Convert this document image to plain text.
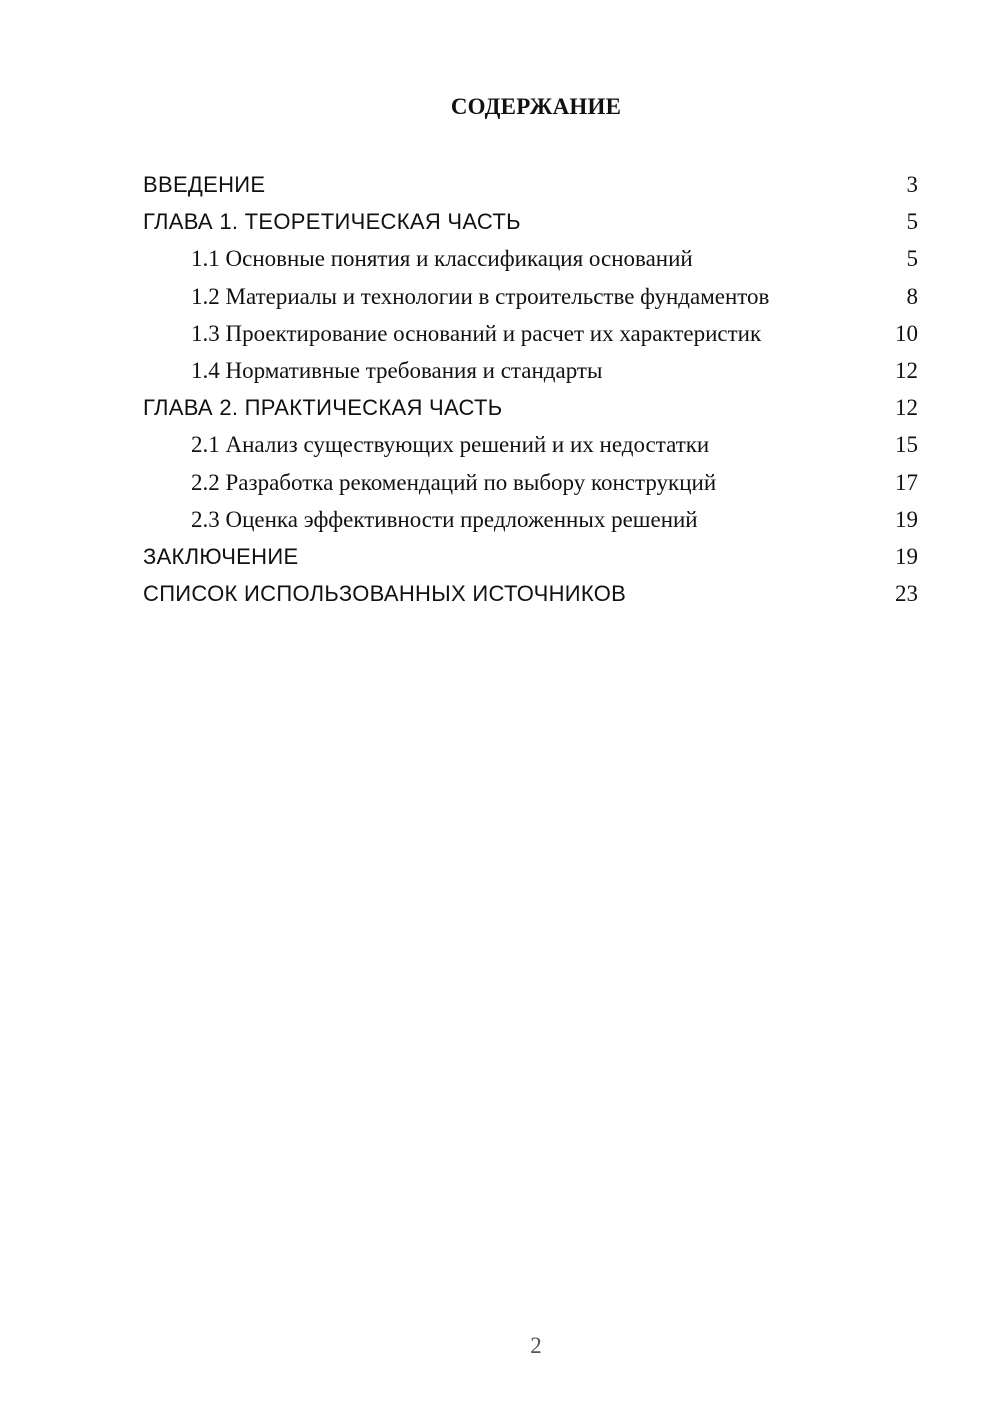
СОДЕРЖАНИЕ
ВВЕДЕНИЕ	3
ГЛАВА 1. ТЕОРЕТИЧЕСКАЯ ЧАСТЬ	5
1.1 Основные понятия и классификация оснований	5
1.2 Материалы и технологии в строительстве фундаментов	8
1.3 Проектирование оснований и расчет их характеристик	10
1.4 Нормативные требования и стандарты	12
ГЛАВА 2. ПРАКТИЧЕСКАЯ ЧАСТЬ	12
2.1 Анализ существующих решений и их недостатки	15
2.2 Разработка рекомендаций по выбору конструкций	17
2.3 Оценка эффективности предложенных решений	19
ЗАКЛЮЧЕНИЕ	19
СПИСОК ИСПОЛЬЗОВАННЫХ ИСТОЧНИКОВ	23
2
